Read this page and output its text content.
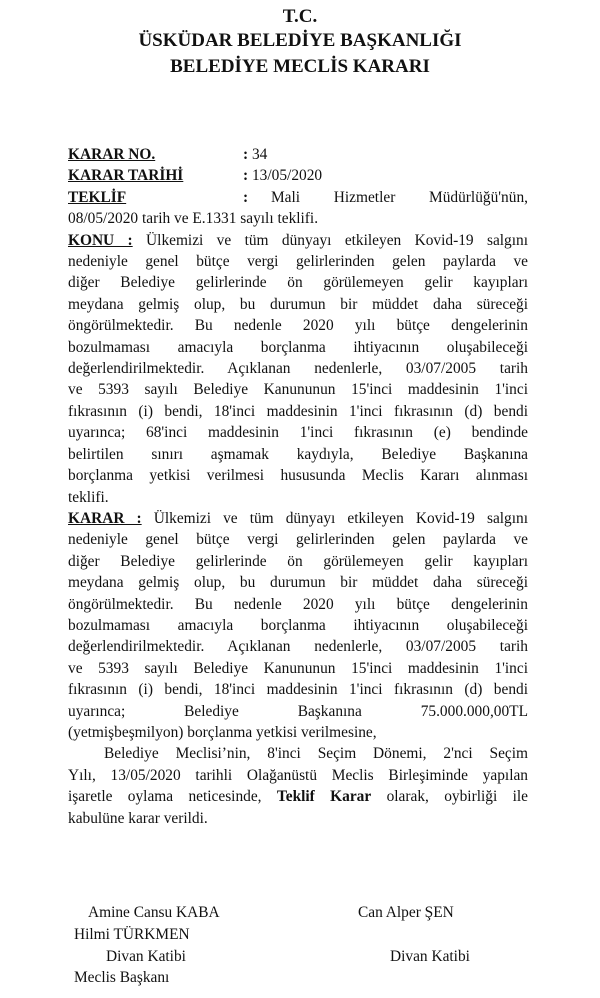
T.C.
ÜSKÜDAR BELEDİYE BAŞKANLIĞI
BELEDİYE MECLİS KARARI
KARAR NO.	: 34
KARAR TARİHİ	: 13/05/2020
TEKLİF	:	Mali Hizmetler Müdürlüğü'nün,
08/05/2020 tarih ve E.1331 sayılı teklifi.
KONU : Ülkemizi ve tüm dünyayı etkileyen Kovid-19 salgını
nedeniyle genel bütçe vergi gelirlerinden gelen paylarda ve
diğer Belediye gelirlerinde ön görülemeyen gelir kayıpları
meydana gelmiş olup, bu durumun bir müddet daha süreceği
öngörülmektedir. Bu nedenle 2020 yılı bütçe dengelerinin
bozulmaması amacıyla borçlanma ihtiyacının oluşabileceği
değerlendirilmektedir. Açıklanan nedenlerle, 03/07/2005 tarih
ve 5393 sayılı Belediye Kanununun 15'inci maddesinin 1'inci
fıkrasının (i) bendi, 18'inci maddesinin 1'inci fıkrasının (d) bendi
uyarınca; 68'inci maddesinin 1'inci fıkrasının (e) bendinde
belirtilen sınırı aşmamak kaydıyla, Belediye Başkanına
borçlanma yetkisi verilmesi hususunda Meclis Kararı alınması
teklifi.
KARAR : Ülkemizi ve tüm dünyayı etkileyen Kovid-19 salgını
nedeniyle genel bütçe vergi gelirlerinden gelen paylarda ve
diğer Belediye gelirlerinde ön görülemeyen gelir kayıpları
meydana gelmiş olup, bu durumun bir müddet daha süreceği
öngörülmektedir. Bu nedenle 2020 yılı bütçe dengelerinin
bozulmaması amacıyla borçlanma ihtiyacının oluşabileceği
değerlendirilmektedir. Açıklanan nedenlerle, 03/07/2005 tarih
ve 5393 sayılı Belediye Kanununun 15'inci maddesinin 1'inci
fıkrasının (i) bendi, 18'inci maddesinin 1'inci fıkrasının (d) bendi
uyarınca; Belediye Başkanına 75.000.000,00TL
(yetmişbeşmilyon) borçlanma yetkisi verilmesine,
Belediye Meclisi’nin, 8'inci Seçim Dönemi, 2'nci Seçim
Yılı, 13/05/2020 tarihli Olağanüstü Meclis Birleşiminde yapılan
işaretle oylama neticesinde, Teklif Karar olarak, oybirliği ile
kabulüne karar verildi.
Amine Cansu KABA	Can Alper ŞEN
Hilmi TÜRKMEN
Divan Katibi	Divan Katibi
Meclis Başkanı
